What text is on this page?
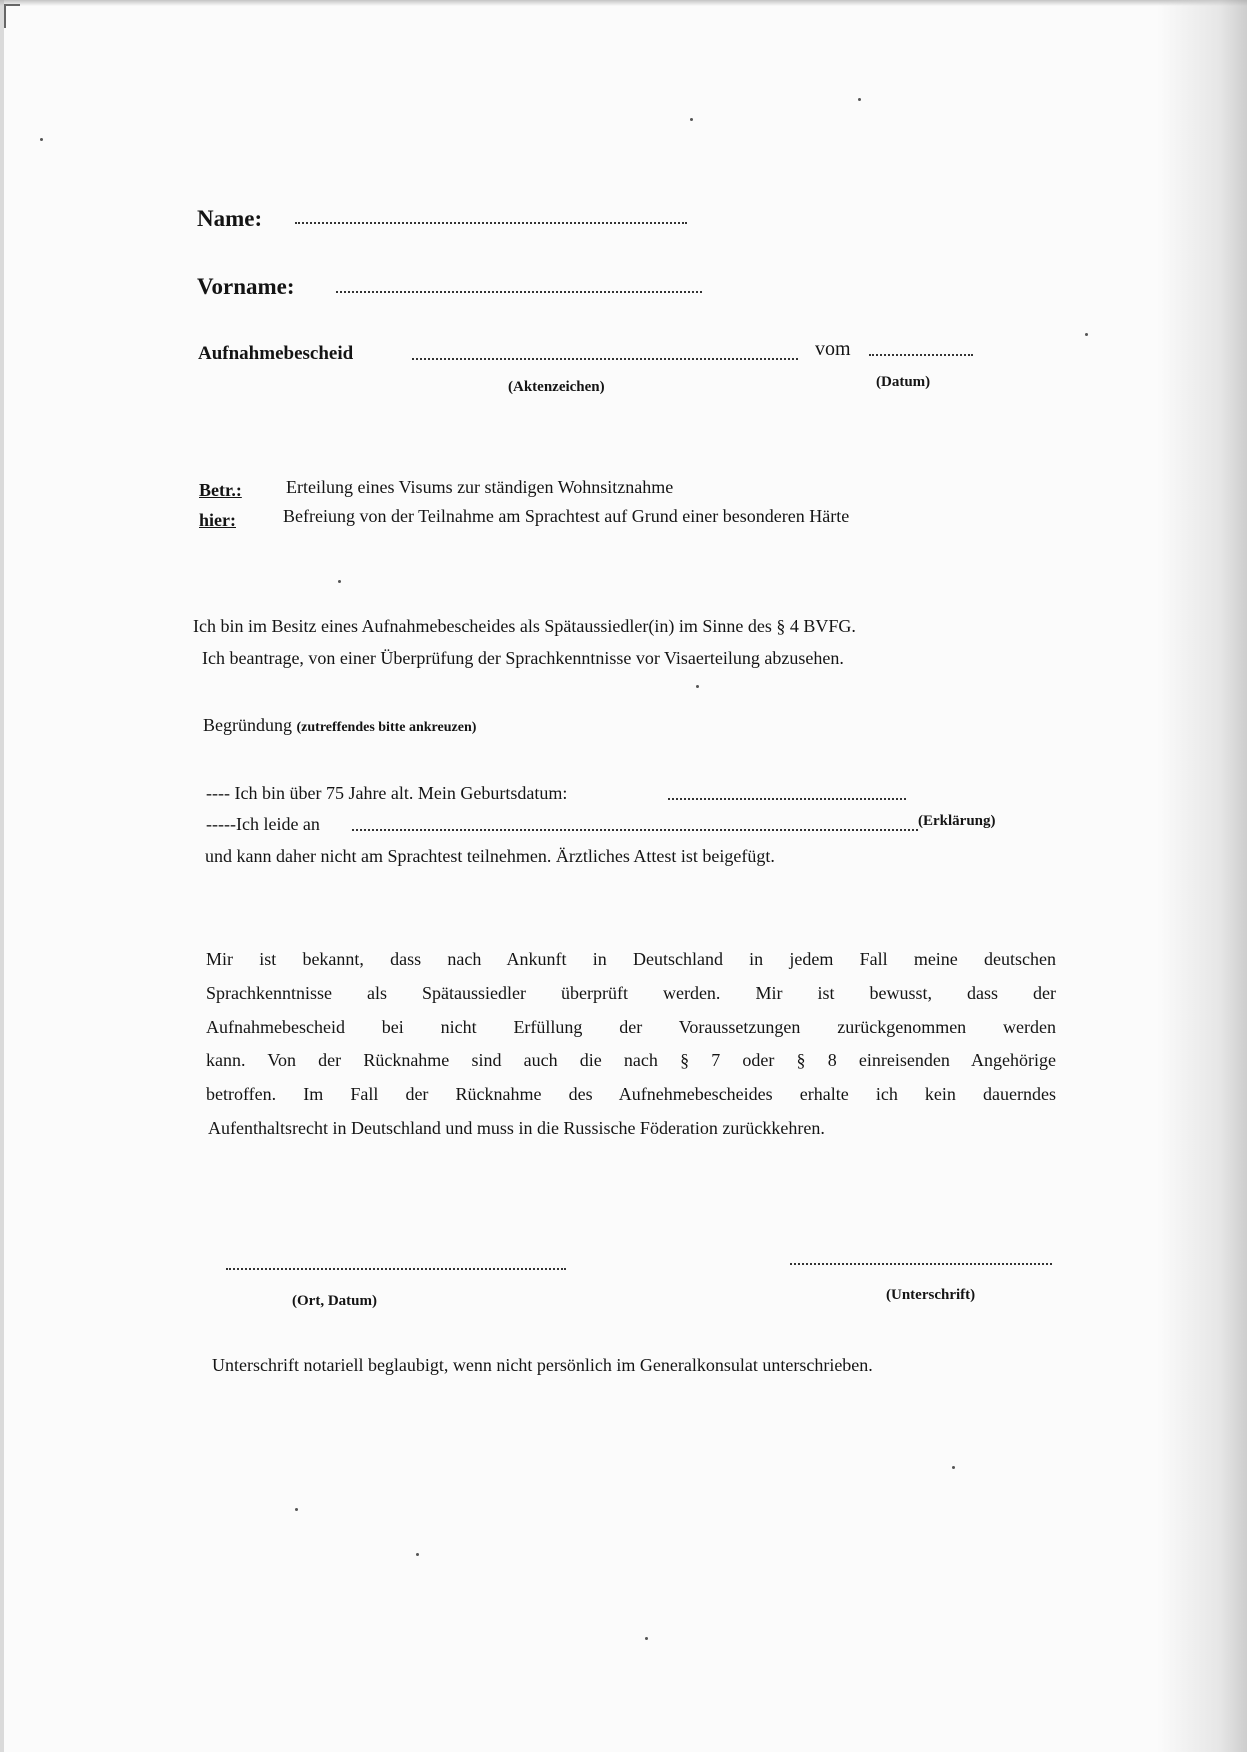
Name:
Vorname:
Aufnahmebescheid	vom
(Aktenzeichen)	(Datum)
Betr.: Erteilung eines Visums zur ständigen Wohnsitznahme
hier:	Befreiung von der Teilnahme am Sprachtest auf Grund einer besonderen Härte
Ich bin im Besitz eines Aufnahmebescheides als Spätaussiedler(in) im Sinne des § 4 BVFG.
Ich beantrage, von einer Überprüfung der Sprachkenntnisse vor Visaerteilung abzusehen.
Begründung (zutreffendes bitte ankreuzen)
---- Ich bin über 75 Jahre alt. Mein Geburtsdatum:
-----Ich leide an	(Erklärung)
und kann daher nicht am Sprachtest teilnehmen. Ärztliches Attest ist beigefügt.
Mir ist bekannt, dass nach Ankunft in Deutschland in jedem Fall meine deutschen
Sprachkenntnisse als Spätaussiedler überprüft werden. Mir ist bewusst, dass der
Aufnahmebescheid bei nicht Erfüllung der Voraussetzungen zurückgenommen werden
kann. Von der Rücknahme sind auch die nach § 7 oder § 8 einreisenden Angehörige
betroffen. Im Fall der Rücknahme des Aufnehmebescheides erhalte ich kein dauerndes
Aufenthaltsrecht in Deutschland und muss in die Russische Föderation zurückkehren.
(Ort, Datum)	(Unterschrift)
Unterschrift notariell beglaubigt, wenn nicht persönlich im Generalkonsulat unterschrieben.
